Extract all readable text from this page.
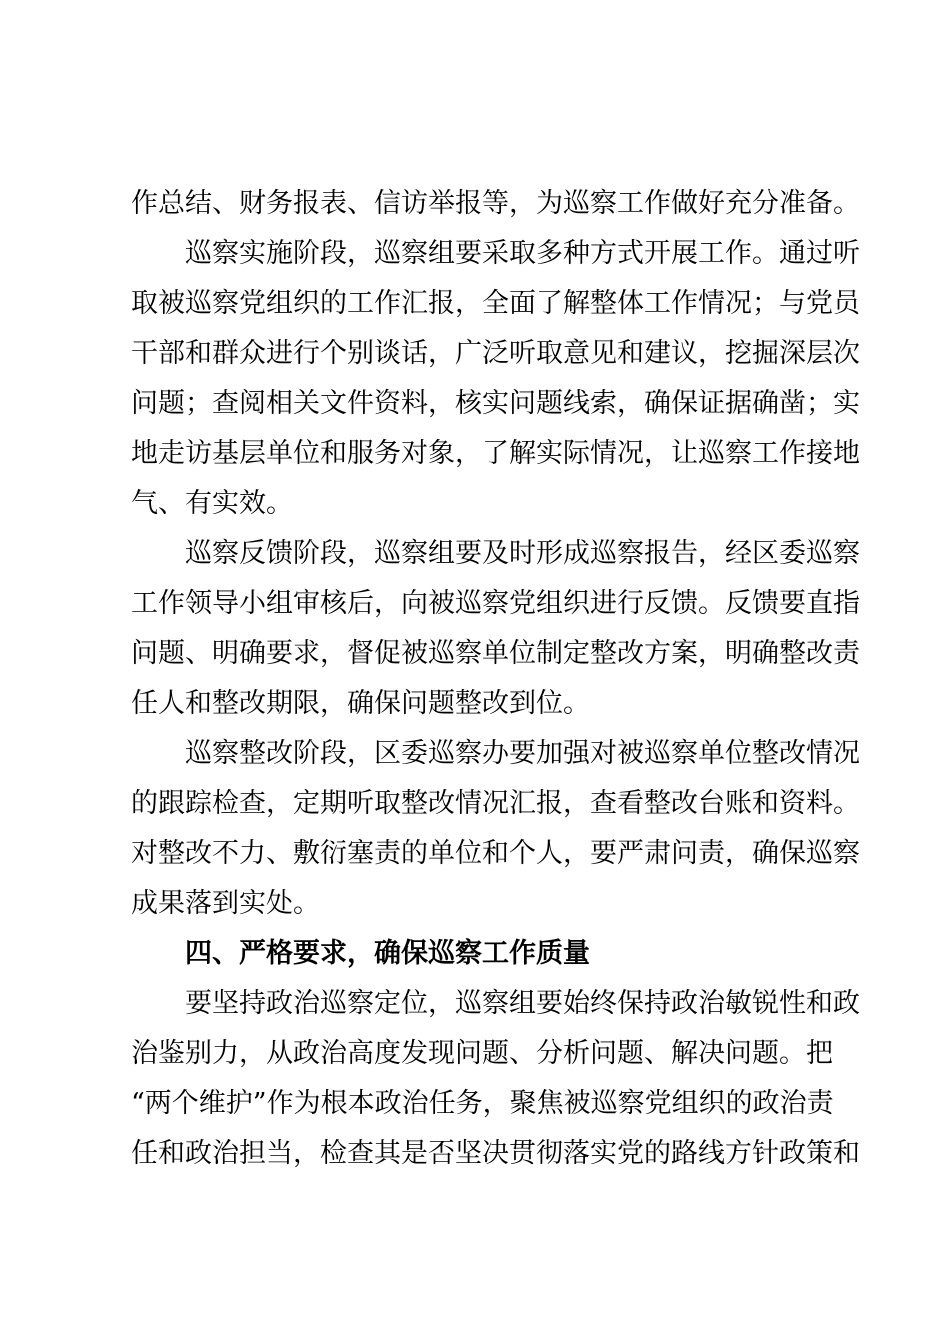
作总结、财务报表、信访举报等，为巡察工作做好充分准备。
　　巡察实施阶段，巡察组要采取多种方式开展工作。通过听
取被巡察党组织的工作汇报，全面了解整体工作情况；与党员
干部和群众进行个别谈话，广泛听取意见和建议，挖掘深层次
问题；查阅相关文件资料，核实问题线索，确保证据确凿；实
地走访基层单位和服务对象，了解实际情况，让巡察工作接地
气、有实效。
　　巡察反馈阶段，巡察组要及时形成巡察报告，经区委巡察
工作领导小组审核后，向被巡察党组织进行反馈。反馈要直指
问题、明确要求，督促被巡察单位制定整改方案，明确整改责
任人和整改期限，确保问题整改到位。
　　巡察整改阶段，区委巡察办要加强对被巡察单位整改情况
的跟踪检查，定期听取整改情况汇报，查看整改台账和资料。
对整改不力、敷衍塞责的单位和个人，要严肃问责，确保巡察
成果落到实处。
　　四、严格要求，确保巡察工作质量
　　要坚持政治巡察定位，巡察组要始终保持政治敏锐性和政
治鉴别力，从政治高度发现问题、分析问题、解决问题。把
“两个维护”作为根本政治任务，聚焦被巡察党组织的政治责
任和政治担当，检查其是否坚决贯彻落实党的路线方针政策和
